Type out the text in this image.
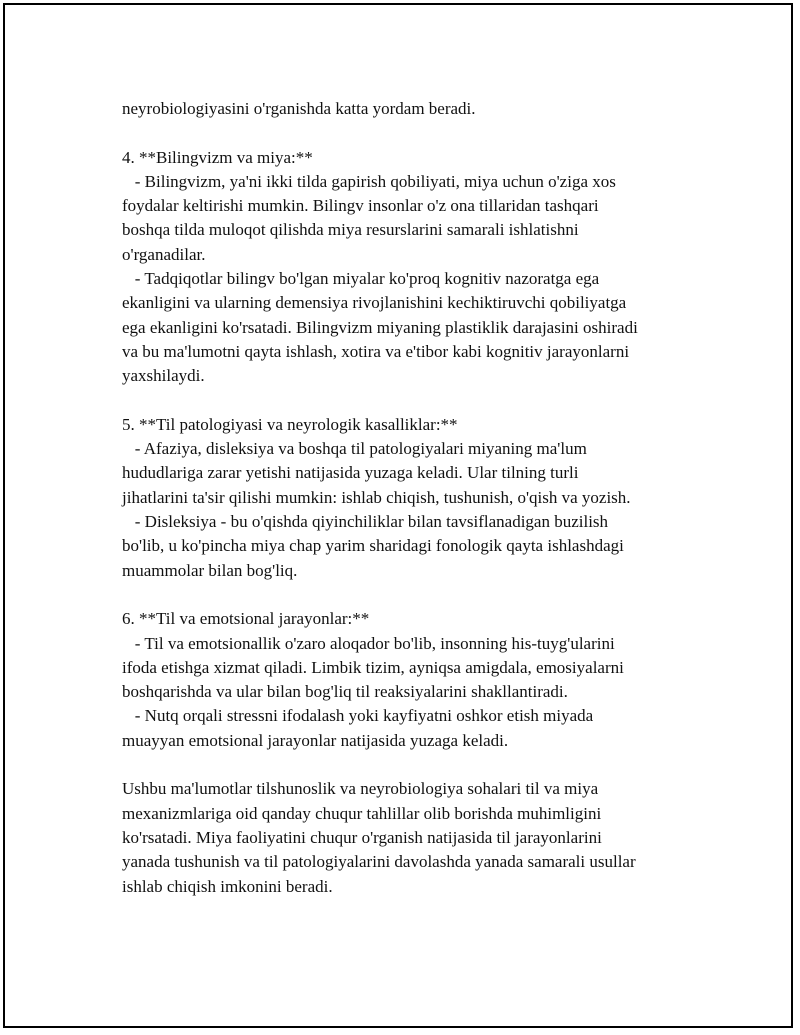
neyrobiologiyasini o'rganishda katta yordam beradi.
4. **Bilingvizm va miya:**
- Bilingvizm, ya'ni ikki tilda gapirish qobiliyati, miya uchun o'ziga xos
foydalar keltirishi mumkin. Bilingv insonlar o'z ona tillaridan tashqari
boshqa tilda muloqot qilishda miya resurslarini samarali ishlatishni
o'rganadilar.
- Tadqiqotlar bilingv bo'lgan miyalar ko'proq kognitiv nazoratga ega
ekanligini va ularning demensiya rivojlanishini kechiktiruvchi qobiliyatga
ega ekanligini ko'rsatadi. Bilingvizm miyaning plastiklik darajasini oshiradi
va bu ma'lumotni qayta ishlash, xotira va e'tibor kabi kognitiv jarayonlarni
yaxshilaydi.
5. **Til patologiyasi va neyrologik kasalliklar:**
- Afaziya, disleksiya va boshqa til patologiyalari miyaning ma'lum
hududlariga zarar yetishi natijasida yuzaga keladi. Ular tilning turli
jihatlarini ta'sir qilishi mumkin: ishlab chiqish, tushunish, o'qish va yozish.
- Disleksiya - bu o'qishda qiyinchiliklar bilan tavsiflanadigan buzilish
bo'lib, u ko'pincha miya chap yarim sharidagi fonologik qayta ishlashdagi
muammolar bilan bog'liq.
6. **Til va emotsional jarayonlar:**
- Til va emotsionallik o'zaro aloqador bo'lib, insonning his-tuyg'ularini
ifoda etishga xizmat qiladi. Limbik tizim, ayniqsa amigdala, emosiyalarni
boshqarishda va ular bilan bog'liq til reaksiyalarini shakllantiradi.
- Nutq orqali stressni ifodalash yoki kayfiyatni oshkor etish miyada
muayyan emotsional jarayonlar natijasida yuzaga keladi.
Ushbu ma'lumotlar tilshunoslik va neyrobiologiya sohalari til va miya
mexanizmlariga oid qanday chuqur tahlillar olib borishda muhimligini
ko'rsatadi. Miya faoliyatini chuqur o'rganish natijasida til jarayonlarini
yanada tushunish va til patologiyalarini davolashda yanada samarali usullar
ishlab chiqish imkonini beradi.
